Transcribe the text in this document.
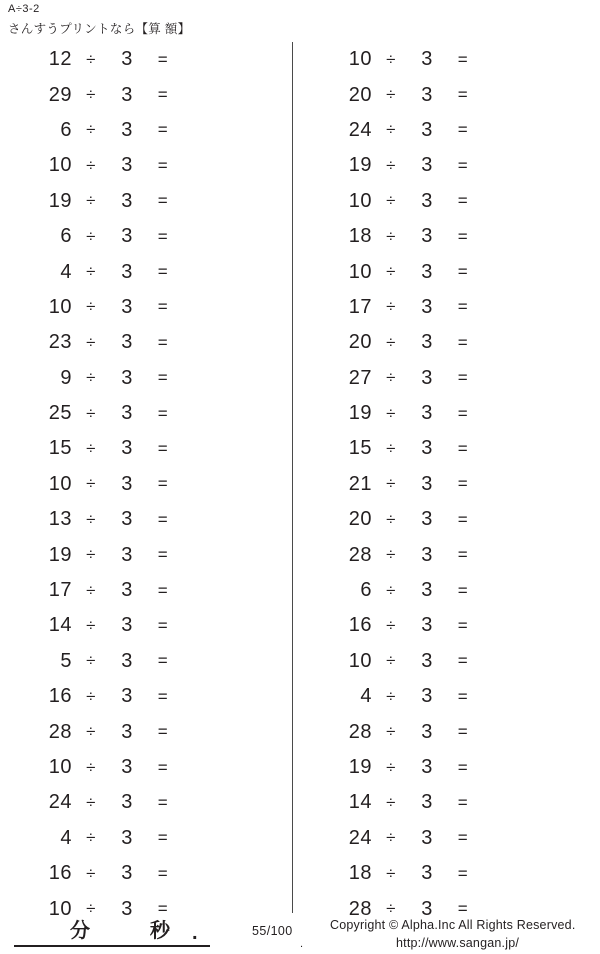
A÷3-2
さんすうプリントなら【算 額】
12 ÷	3	=
29 ÷	3	=
6 ÷	3	=
10 ÷	3	=
19 ÷	3	=
6 ÷	3	=
4 ÷	3	=
10 ÷	3	=
23 ÷	3	=
9 ÷	3	=
25 ÷	3	=
15 ÷	3	=
10 ÷	3	=
13 ÷	3	=
19 ÷	3	=
17 ÷	3	=
14 ÷	3	=
5 ÷	3	=
16 ÷	3	=
28 ÷	3	=
10 ÷	3	=
24 ÷	3	=
4 ÷	3	=
16 ÷	3	=
10 ÷	3	=
10 ÷	3	=
20 ÷	3	=
24 ÷	3	=
19 ÷	3	=
10 ÷	3	=
18 ÷	3	=
10 ÷	3	=
17 ÷	3	=
20 ÷	3	=
27 ÷	3	=
19 ÷	3	=
15 ÷	3	=
21 ÷	3	=
20 ÷	3	=
28 ÷	3	=
6 ÷	3	=
16 ÷	3	=
10 ÷	3	=
4 ÷	3	=
28 ÷	3	=
19 ÷	3	=
14 ÷	3	=
24 ÷	3	=
18 ÷	3	=
28 ÷	3	=
分	秒 .	55/100
.
Copyright © Alpha.Inc All Rights Reserved.
http://www.sangan.jp/
